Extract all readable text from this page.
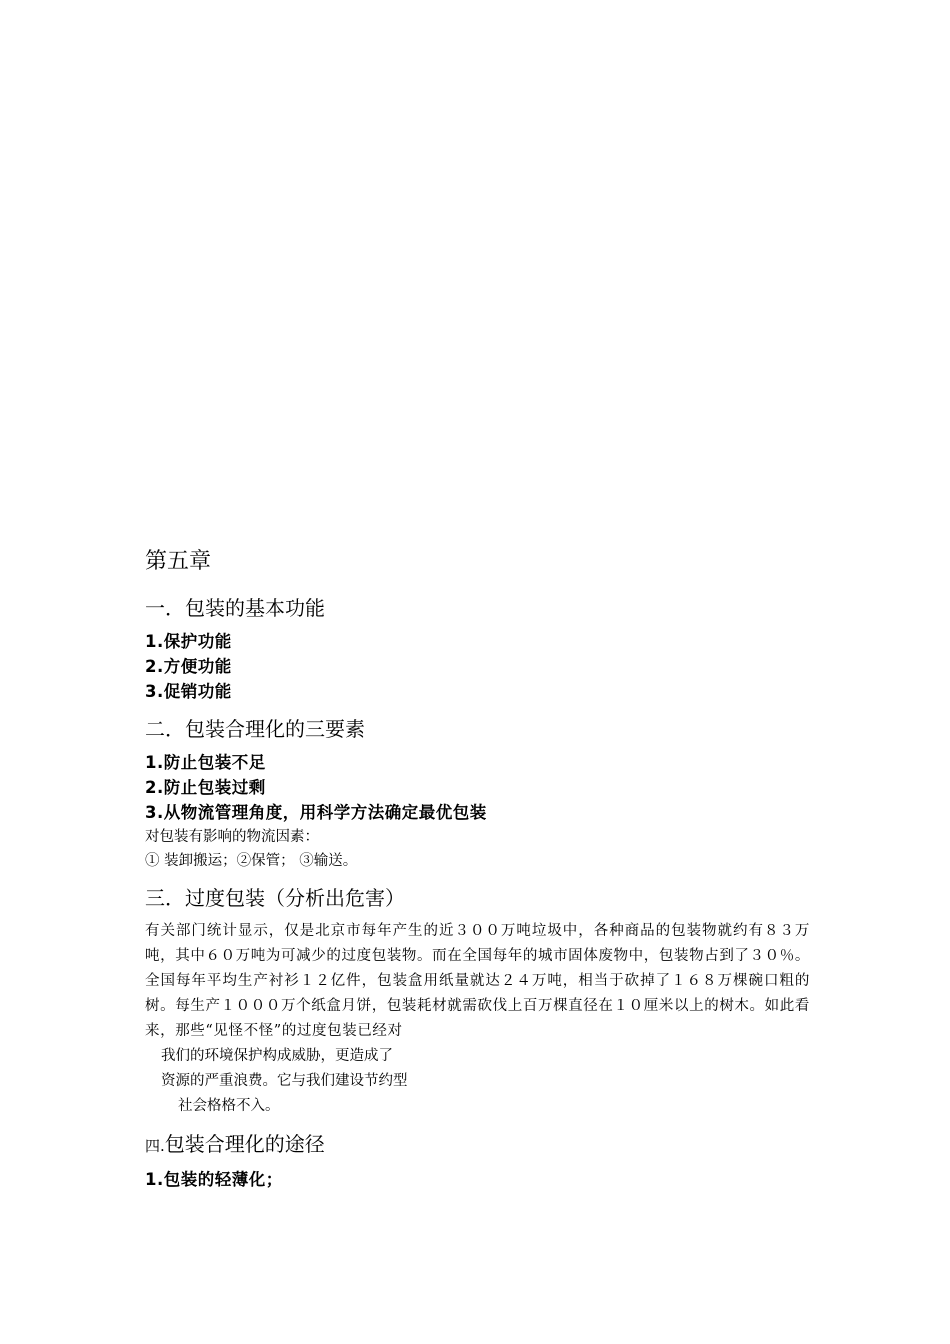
第五章
一．包装的基本功能
1.保护功能
2.方便功能
3.促销功能
二．包装合理化的三要素
1.防止包装不足
2.防止包装过剩
3.从物流管理角度，用科学方法确定最优包装

对包装有影响的物流因素：

① 装卸搬运；②保管； ③输送。

三．过度包装（分析出危害）

有关部门统计显示，仅是北京市每年产生的近３００万吨垃圾中，各种商品的包装物就约有８３万吨，其中６０万吨为可减少的过度包装物。而在全国每年的城市固体废物中，包装物占到了３０％。全国每年平均生产衬衫１２亿件，包装盒用纸量就达２４万吨，相当于砍掉了１６８万棵碗口粗的树。每生产１０００万个纸盒月饼，包装耗材就需砍伐上百万棵直径在１０厘米以上的树木。如此看来，那些“见怪不怪”的过度包装已经对

我们的环境保护构成威胁，更造成了

资源的严重浪费。它与我们建设节约型

社会格格不入。

四.包装合理化的途径
1.包装的轻薄化；
